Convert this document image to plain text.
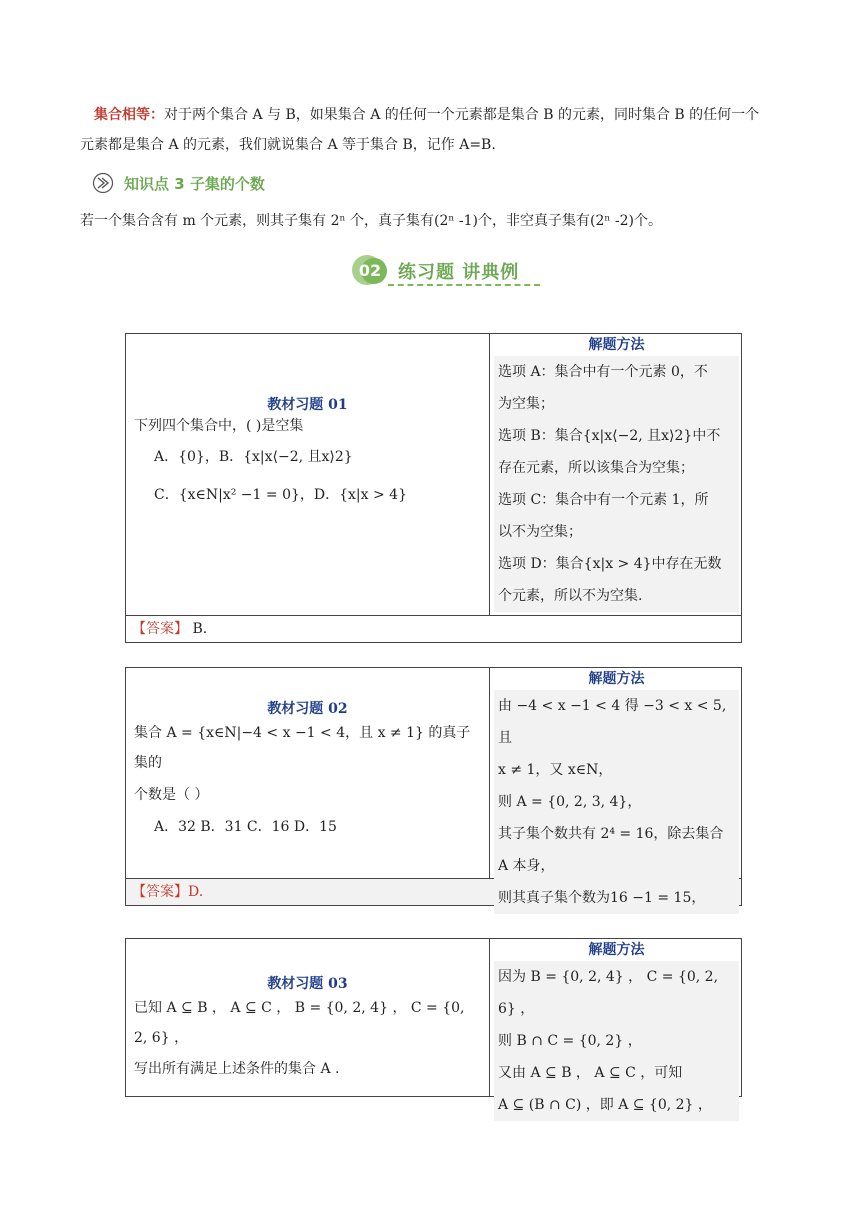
集合相等：对于两个集合 A 与 B，如果集合 A 的任何一个元素都是集合 B 的元素，同时集合 B 的任何一个
元素都是集合 A 的元素，我们就说集合 A 等于集合 B，记作 A=B.
知识点 3 子集的个数
若一个集合含有 m 个元素，则其子集有 2ⁿ 个，真子集有(2ⁿ -1)个，非空真子集有(2ⁿ -2)个。
02 练习题 讲典例
教材习题 01
下列四个集合中，( )是空集
A．{0}，B．{x|x⟨−2, 且x⟩2}
C．{x∈N|x² −1 = 0}，D．{x|x > 4}
解题方法
选项 A：集合中有一个元素 0，不
为空集；
选项 B：集合{x|x⟨−2, 且x⟩2}中不
存在元素，所以该集合为空集；
选项 C：集合中有一个元素 1，所
以不为空集；
选项 D：集合{x|x > 4}中存在无数
个元素，所以不为空集.
【答案】 B.
教材习题 02
集合 A = {x∈N|−4 < x −1 < 4，且 x ≠ 1} 的真子集的
个数是（ ）
A．32 B．31 C．16 D．15
解题方法
由 −4 < x −1 < 4 得 −3 < x < 5, 且
x ≠ 1，又 x∈N，
则 A = {0, 2, 3, 4}，
其子集个数共有 2⁴ = 16，除去集合
A 本身，
则其真子集个数为16 −1 = 15，
【答案】D.
教材习题 03
已知 A ⊆ B ， A ⊆ C ， B = {0, 2, 4} ， C = {0, 2, 6} ，
写出所有满足上述条件的集合 A .
解题方法
因为 B = {0, 2, 4} ， C = {0, 2, 6} ，
则 B ∩ C = {0, 2} ，
又由 A ⊆ B ， A ⊆ C ，可知
A ⊆ (B ∩ C) ，即 A ⊆ {0, 2} ，
